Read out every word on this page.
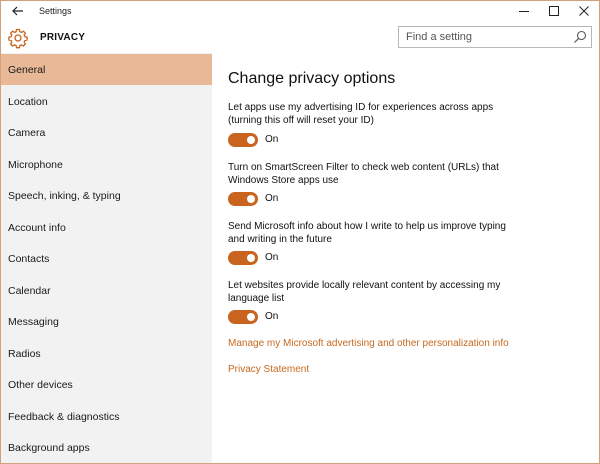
Settings
PRIVACY
Find a setting
General
Location
Camera
Microphone
Speech, inking, & typing
Account info
Contacts
Calendar
Messaging
Radios
Other devices
Feedback & diagnostics
Background apps
Change privacy options
Let apps use my advertising ID for experiences across apps
(turning this off will reset your ID)
On
Turn on SmartScreen Filter to check web content (URLs) that
Windows Store apps use
On
Send Microsoft info about how I write to help us improve typing
and writing in the future
On
Let websites provide locally relevant content by accessing my
language list
On
Manage my Microsoft advertising and other personalization info
Privacy Statement
